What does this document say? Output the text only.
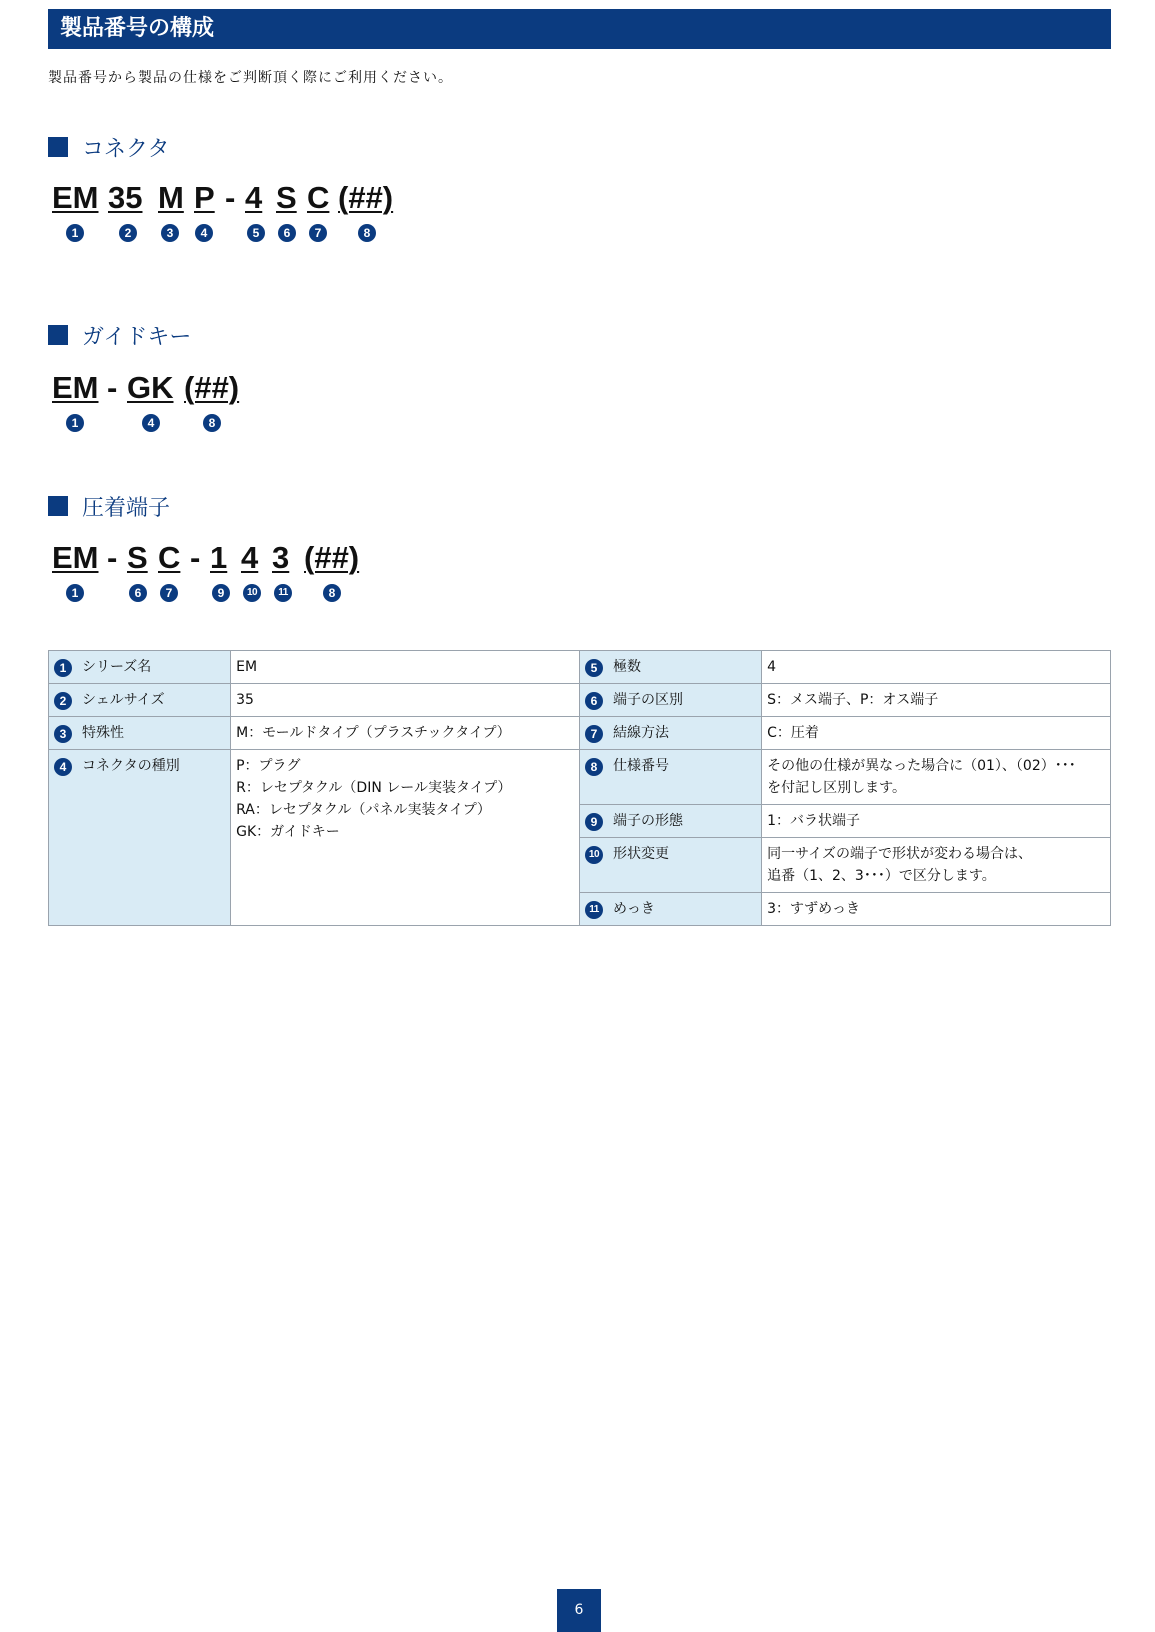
製品番号の構成
製品番号から製品の仕様をご判断頂く際にご利用ください。
コネクタ
EM 35 M P - 4 S C (##)
1	2	3	4	5	6	7	8
ガイドキー
EM - GK (##)
1	4	8
圧着端子
EM - S C - 1 4 3 (##)
1	6	7	9	10	11	8
1 シリーズ名	EM	5 極数	4

2 シェルサイズ	35	6 端子の区別	S：メス端子、P：オス端子

3 特殊性	M：モールドタイプ（プラスチックタイプ）	7 結線方法	C：圧着

4 コネクタの種別	P：プラグ
R：レセプタクル（DIN レール実装タイプ）
RA：レセプタクル（パネル実装タイプ）
GK：ガイドキー	8 仕様番号	その他の仕様が異なった場合に（01）、（02）･･･
を付記し区別します。

		9 端子の形態	1：バラ状端子

		10 形状変更	同一サイズの端子で形状が変わる場合は、
追番（1、2、3･･･）で区分します。

		11 めっき	3：すずめっき
6
